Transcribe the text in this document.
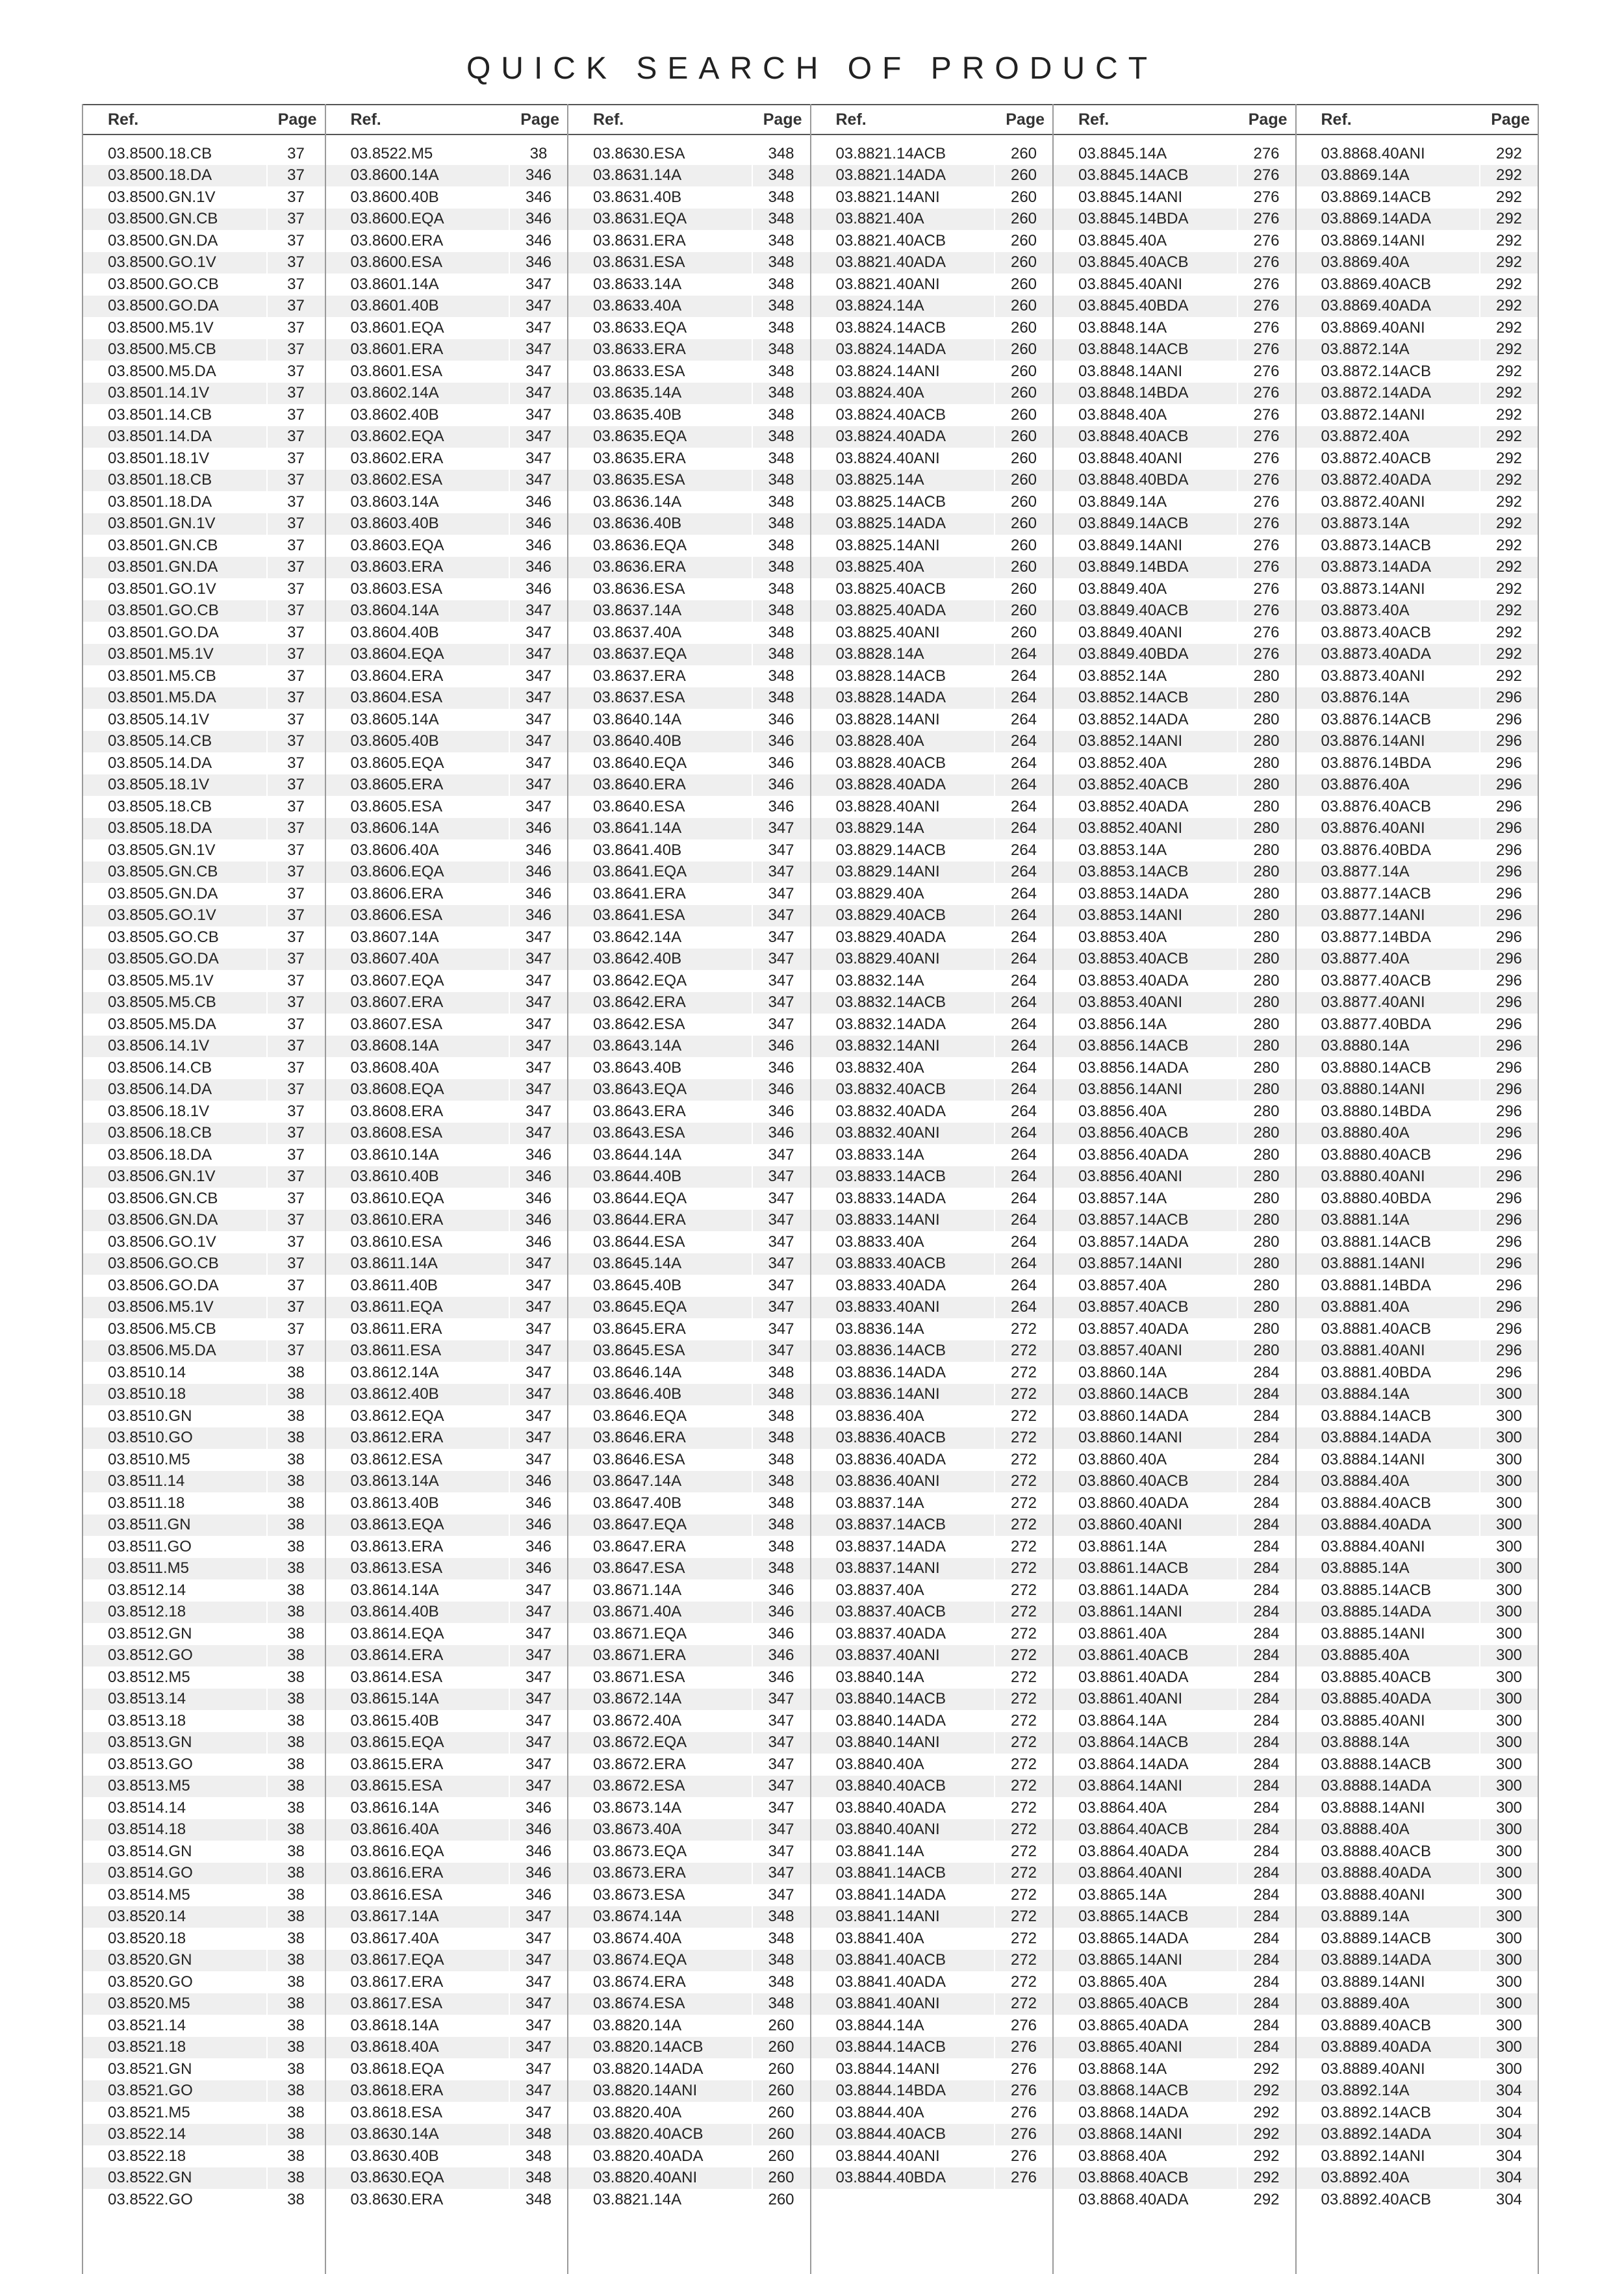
QUICK SEARCH OF PRODUCT
Ref.	Page
03.8500.18.CB	37
03.8500.18.DA	37
03.8500.GN.1V	37
03.8500.GN.CB	37
03.8500.GN.DA	37
03.8500.GO.1V	37
03.8500.GO.CB	37
03.8500.GO.DA	37
03.8500.M5.1V	37
03.8500.M5.CB	37
03.8500.M5.DA	37
03.8501.14.1V	37
03.8501.14.CB	37
03.8501.14.DA	37
03.8501.18.1V	37
03.8501.18.CB	37
03.8501.18.DA	37
03.8501.GN.1V	37
03.8501.GN.CB	37
03.8501.GN.DA	37
03.8501.GO.1V	37
03.8501.GO.CB	37
03.8501.GO.DA	37
03.8501.M5.1V	37
03.8501.M5.CB	37
03.8501.M5.DA	37
03.8505.14.1V	37
03.8505.14.CB	37
03.8505.14.DA	37
03.8505.18.1V	37
03.8505.18.CB	37
03.8505.18.DA	37
03.8505.GN.1V	37
03.8505.GN.CB	37
03.8505.GN.DA	37
03.8505.GO.1V	37
03.8505.GO.CB	37
03.8505.GO.DA	37
03.8505.M5.1V	37
03.8505.M5.CB	37
03.8505.M5.DA	37
03.8506.14.1V	37
03.8506.14.CB	37
03.8506.14.DA	37
03.8506.18.1V	37
03.8506.18.CB	37
03.8506.18.DA	37
03.8506.GN.1V	37
03.8506.GN.CB	37
03.8506.GN.DA	37
03.8506.GO.1V	37
03.8506.GO.CB	37
03.8506.GO.DA	37
03.8506.M5.1V	37
03.8506.M5.CB	37
03.8506.M5.DA	37
03.8510.14	38
03.8510.18	38
03.8510.GN	38
03.8510.GO	38
03.8510.M5	38
03.8511.14	38
03.8511.18	38
03.8511.GN	38
03.8511.GO	38
03.8511.M5	38
03.8512.14	38
03.8512.18	38
03.8512.GN	38
03.8512.GO	38
03.8512.M5	38
03.8513.14	38
03.8513.18	38
03.8513.GN	38
03.8513.GO	38
03.8513.M5	38
03.8514.14	38
03.8514.18	38
03.8514.GN	38
03.8514.GO	38
03.8514.M5	38
03.8520.14	38
03.8520.18	38
03.8520.GN	38
03.8520.GO	38
03.8520.M5	38
03.8521.14	38
03.8521.18	38
03.8521.GN	38
03.8521.GO	38
03.8521.M5	38
03.8522.14	38
03.8522.18	38
03.8522.GN	38
03.8522.GO	38
Ref.	Page
03.8522.M5	38
03.8600.14A	346
03.8600.40B	346
03.8600.EQA	346
03.8600.ERA	346
03.8600.ESA	346
03.8601.14A	347
03.8601.40B	347
03.8601.EQA	347
03.8601.ERA	347
03.8601.ESA	347
03.8602.14A	347
03.8602.40B	347
03.8602.EQA	347
03.8602.ERA	347
03.8602.ESA	347
03.8603.14A	346
03.8603.40B	346
03.8603.EQA	346
03.8603.ERA	346
03.8603.ESA	346
03.8604.14A	347
03.8604.40B	347
03.8604.EQA	347
03.8604.ERA	347
03.8604.ESA	347
03.8605.14A	347
03.8605.40B	347
03.8605.EQA	347
03.8605.ERA	347
03.8605.ESA	347
03.8606.14A	346
03.8606.40A	346
03.8606.EQA	346
03.8606.ERA	346
03.8606.ESA	346
03.8607.14A	347
03.8607.40A	347
03.8607.EQA	347
03.8607.ERA	347
03.8607.ESA	347
03.8608.14A	347
03.8608.40A	347
03.8608.EQA	347
03.8608.ERA	347
03.8608.ESA	347
03.8610.14A	346
03.8610.40B	346
03.8610.EQA	346
03.8610.ERA	346
03.8610.ESA	346
03.8611.14A	347
03.8611.40B	347
03.8611.EQA	347
03.8611.ERA	347
03.8611.ESA	347
03.8612.14A	347
03.8612.40B	347
03.8612.EQA	347
03.8612.ERA	347
03.8612.ESA	347
03.8613.14A	346
03.8613.40B	346
03.8613.EQA	346
03.8613.ERA	346
03.8613.ESA	346
03.8614.14A	347
03.8614.40B	347
03.8614.EQA	347
03.8614.ERA	347
03.8614.ESA	347
03.8615.14A	347
03.8615.40B	347
03.8615.EQA	347
03.8615.ERA	347
03.8615.ESA	347
03.8616.14A	346
03.8616.40A	346
03.8616.EQA	346
03.8616.ERA	346
03.8616.ESA	346
03.8617.14A	347
03.8617.40A	347
03.8617.EQA	347
03.8617.ERA	347
03.8617.ESA	347
03.8618.14A	347
03.8618.40A	347
03.8618.EQA	347
03.8618.ERA	347
03.8618.ESA	347
03.8630.14A	348
03.8630.40B	348
03.8630.EQA	348
03.8630.ERA	348
Ref.	Page
03.8630.ESA	348
03.8631.14A	348
03.8631.40B	348
03.8631.EQA	348
03.8631.ERA	348
03.8631.ESA	348
03.8633.14A	348
03.8633.40A	348
03.8633.EQA	348
03.8633.ERA	348
03.8633.ESA	348
03.8635.14A	348
03.8635.40B	348
03.8635.EQA	348
03.8635.ERA	348
03.8635.ESA	348
03.8636.14A	348
03.8636.40B	348
03.8636.EQA	348
03.8636.ERA	348
03.8636.ESA	348
03.8637.14A	348
03.8637.40A	348
03.8637.EQA	348
03.8637.ERA	348
03.8637.ESA	348
03.8640.14A	346
03.8640.40B	346
03.8640.EQA	346
03.8640.ERA	346
03.8640.ESA	346
03.8641.14A	347
03.8641.40B	347
03.8641.EQA	347
03.8641.ERA	347
03.8641.ESA	347
03.8642.14A	347
03.8642.40B	347
03.8642.EQA	347
03.8642.ERA	347
03.8642.ESA	347
03.8643.14A	346
03.8643.40B	346
03.8643.EQA	346
03.8643.ERA	346
03.8643.ESA	346
03.8644.14A	347
03.8644.40B	347
03.8644.EQA	347
03.8644.ERA	347
03.8644.ESA	347
03.8645.14A	347
03.8645.40B	347
03.8645.EQA	347
03.8645.ERA	347
03.8645.ESA	347
03.8646.14A	348
03.8646.40B	348
03.8646.EQA	348
03.8646.ERA	348
03.8646.ESA	348
03.8647.14A	348
03.8647.40B	348
03.8647.EQA	348
03.8647.ERA	348
03.8647.ESA	348
03.8671.14A	346
03.8671.40A	346
03.8671.EQA	346
03.8671.ERA	346
03.8671.ESA	346
03.8672.14A	347
03.8672.40A	347
03.8672.EQA	347
03.8672.ERA	347
03.8672.ESA	347
03.8673.14A	347
03.8673.40A	347
03.8673.EQA	347
03.8673.ERA	347
03.8673.ESA	347
03.8674.14A	348
03.8674.40A	348
03.8674.EQA	348
03.8674.ERA	348
03.8674.ESA	348
03.8820.14A	260
03.8820.14ACB	260
03.8820.14ADA	260
03.8820.14ANI	260
03.8820.40A	260
03.8820.40ACB	260
03.8820.40ADA	260
03.8820.40ANI	260
03.8821.14A	260
Ref.	Page
03.8821.14ACB	260
03.8821.14ADA	260
03.8821.14ANI	260
03.8821.40A	260
03.8821.40ACB	260
03.8821.40ADA	260
03.8821.40ANI	260
03.8824.14A	260
03.8824.14ACB	260
03.8824.14ADA	260
03.8824.14ANI	260
03.8824.40A	260
03.8824.40ACB	260
03.8824.40ADA	260
03.8824.40ANI	260
03.8825.14A	260
03.8825.14ACB	260
03.8825.14ADA	260
03.8825.14ANI	260
03.8825.40A	260
03.8825.40ACB	260
03.8825.40ADA	260
03.8825.40ANI	260
03.8828.14A	264
03.8828.14ACB	264
03.8828.14ADA	264
03.8828.14ANI	264
03.8828.40A	264
03.8828.40ACB	264
03.8828.40ADA	264
03.8828.40ANI	264
03.8829.14A	264
03.8829.14ACB	264
03.8829.14ANI	264
03.8829.40A	264
03.8829.40ACB	264
03.8829.40ADA	264
03.8829.40ANI	264
03.8832.14A	264
03.8832.14ACB	264
03.8832.14ADA	264
03.8832.14ANI	264
03.8832.40A	264
03.8832.40ACB	264
03.8832.40ADA	264
03.8832.40ANI	264
03.8833.14A	264
03.8833.14ACB	264
03.8833.14ADA	264
03.8833.14ANI	264
03.8833.40A	264
03.8833.40ACB	264
03.8833.40ADA	264
03.8833.40ANI	264
03.8836.14A	272
03.8836.14ACB	272
03.8836.14ADA	272
03.8836.14ANI	272
03.8836.40A	272
03.8836.40ACB	272
03.8836.40ADA	272
03.8836.40ANI	272
03.8837.14A	272
03.8837.14ACB	272
03.8837.14ADA	272
03.8837.14ANI	272
03.8837.40A	272
03.8837.40ACB	272
03.8837.40ADA	272
03.8837.40ANI	272
03.8840.14A	272
03.8840.14ACB	272
03.8840.14ADA	272
03.8840.14ANI	272
03.8840.40A	272
03.8840.40ACB	272
03.8840.40ADA	272
03.8840.40ANI	272
03.8841.14A	272
03.8841.14ACB	272
03.8841.14ADA	272
03.8841.14ANI	272
03.8841.40A	272
03.8841.40ACB	272
03.8841.40ADA	272
03.8841.40ANI	272
03.8844.14A	276
03.8844.14ACB	276
03.8844.14ANI	276
03.8844.14BDA	276
03.8844.40A	276
03.8844.40ACB	276
03.8844.40ANI	276
03.8844.40BDA	276
Ref.	Page
03.8845.14A	276
03.8845.14ACB	276
03.8845.14ANI	276
03.8845.14BDA	276
03.8845.40A	276
03.8845.40ACB	276
03.8845.40ANI	276
03.8845.40BDA	276
03.8848.14A	276
03.8848.14ACB	276
03.8848.14ANI	276
03.8848.14BDA	276
03.8848.40A	276
03.8848.40ACB	276
03.8848.40ANI	276
03.8848.40BDA	276
03.8849.14A	276
03.8849.14ACB	276
03.8849.14ANI	276
03.8849.14BDA	276
03.8849.40A	276
03.8849.40ACB	276
03.8849.40ANI	276
03.8849.40BDA	276
03.8852.14A	280
03.8852.14ACB	280
03.8852.14ADA	280
03.8852.14ANI	280
03.8852.40A	280
03.8852.40ACB	280
03.8852.40ADA	280
03.8852.40ANI	280
03.8853.14A	280
03.8853.14ACB	280
03.8853.14ADA	280
03.8853.14ANI	280
03.8853.40A	280
03.8853.40ACB	280
03.8853.40ADA	280
03.8853.40ANI	280
03.8856.14A	280
03.8856.14ACB	280
03.8856.14ADA	280
03.8856.14ANI	280
03.8856.40A	280
03.8856.40ACB	280
03.8856.40ADA	280
03.8856.40ANI	280
03.8857.14A	280
03.8857.14ACB	280
03.8857.14ADA	280
03.8857.14ANI	280
03.8857.40A	280
03.8857.40ACB	280
03.8857.40ADA	280
03.8857.40ANI	280
03.8860.14A	284
03.8860.14ACB	284
03.8860.14ADA	284
03.8860.14ANI	284
03.8860.40A	284
03.8860.40ACB	284
03.8860.40ADA	284
03.8860.40ANI	284
03.8861.14A	284
03.8861.14ACB	284
03.8861.14ADA	284
03.8861.14ANI	284
03.8861.40A	284
03.8861.40ACB	284
03.8861.40ADA	284
03.8861.40ANI	284
03.8864.14A	284
03.8864.14ACB	284
03.8864.14ADA	284
03.8864.14ANI	284
03.8864.40A	284
03.8864.40ACB	284
03.8864.40ADA	284
03.8864.40ANI	284
03.8865.14A	284
03.8865.14ACB	284
03.8865.14ADA	284
03.8865.14ANI	284
03.8865.40A	284
03.8865.40ACB	284
03.8865.40ADA	284
03.8865.40ANI	284
03.8868.14A	292
03.8868.14ACB	292
03.8868.14ADA	292
03.8868.14ANI	292
03.8868.40A	292
03.8868.40ACB	292
03.8868.40ADA	292
Ref.	Page
03.8868.40ANI	292
03.8869.14A	292
03.8869.14ACB	292
03.8869.14ADA	292
03.8869.14ANI	292
03.8869.40A	292
03.8869.40ACB	292
03.8869.40ADA	292
03.8869.40ANI	292
03.8872.14A	292
03.8872.14ACB	292
03.8872.14ADA	292
03.8872.14ANI	292
03.8872.40A	292
03.8872.40ACB	292
03.8872.40ADA	292
03.8872.40ANI	292
03.8873.14A	292
03.8873.14ACB	292
03.8873.14ADA	292
03.8873.14ANI	292
03.8873.40A	292
03.8873.40ACB	292
03.8873.40ADA	292
03.8873.40ANI	292
03.8876.14A	296
03.8876.14ACB	296
03.8876.14ANI	296
03.8876.14BDA	296
03.8876.40A	296
03.8876.40ACB	296
03.8876.40ANI	296
03.8876.40BDA	296
03.8877.14A	296
03.8877.14ACB	296
03.8877.14ANI	296
03.8877.14BDA	296
03.8877.40A	296
03.8877.40ACB	296
03.8877.40ANI	296
03.8877.40BDA	296
03.8880.14A	296
03.8880.14ACB	296
03.8880.14ANI	296
03.8880.14BDA	296
03.8880.40A	296
03.8880.40ACB	296
03.8880.40ANI	296
03.8880.40BDA	296
03.8881.14A	296
03.8881.14ACB	296
03.8881.14ANI	296
03.8881.14BDA	296
03.8881.40A	296
03.8881.40ACB	296
03.8881.40ANI	296
03.8881.40BDA	296
03.8884.14A	300
03.8884.14ACB	300
03.8884.14ADA	300
03.8884.14ANI	300
03.8884.40A	300
03.8884.40ACB	300
03.8884.40ADA	300
03.8884.40ANI	300
03.8885.14A	300
03.8885.14ACB	300
03.8885.14ADA	300
03.8885.14ANI	300
03.8885.40A	300
03.8885.40ACB	300
03.8885.40ADA	300
03.8885.40ANI	300
03.8888.14A	300
03.8888.14ACB	300
03.8888.14ADA	300
03.8888.14ANI	300
03.8888.40A	300
03.8888.40ACB	300
03.8888.40ADA	300
03.8888.40ANI	300
03.8889.14A	300
03.8889.14ACB	300
03.8889.14ADA	300
03.8889.14ANI	300
03.8889.40A	300
03.8889.40ACB	300
03.8889.40ADA	300
03.8889.40ANI	300
03.8892.14A	304
03.8892.14ACB	304
03.8892.14ADA	304
03.8892.14ANI	304
03.8892.40A	304
03.8892.40ACB	304
